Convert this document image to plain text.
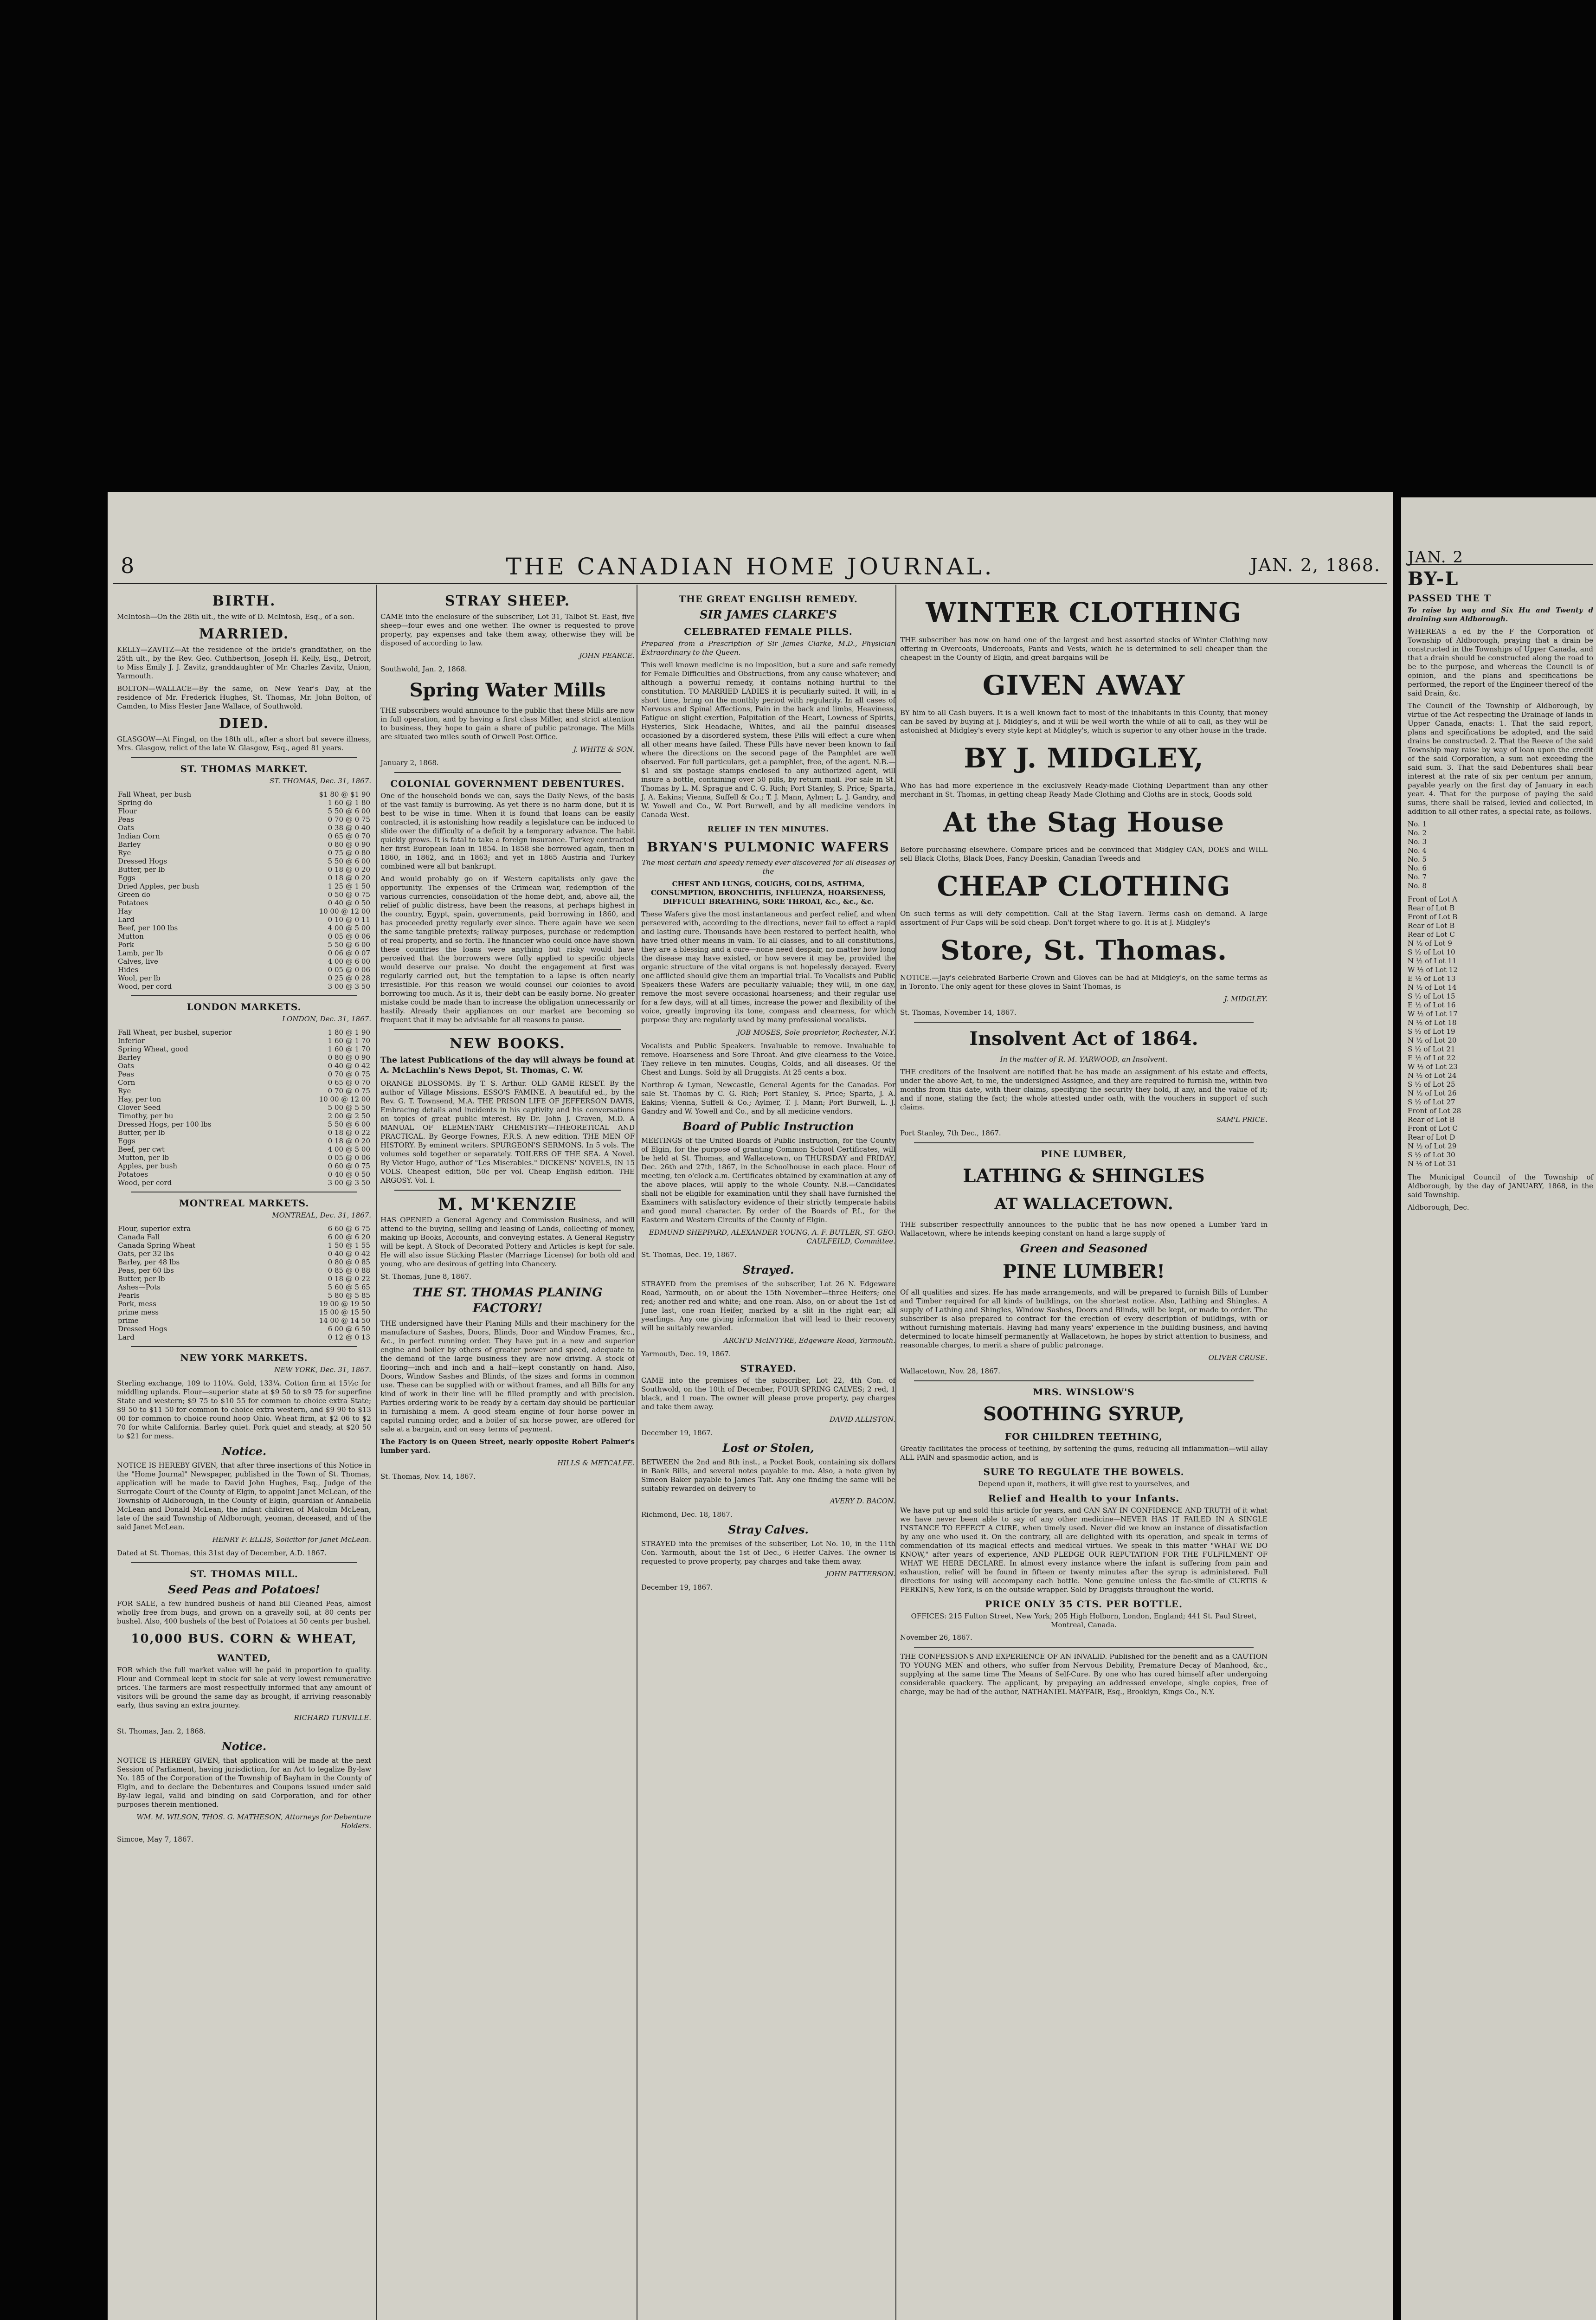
8	THE CANADIAN HOME JOURNAL.	JAN. 2, 1868.
BIRTH.

McIntosh—On the 28th ult., the wife of D. McIntosh, Esq., of a son.

MARRIED.

KELLY—ZAVITZ—At the residence of the bride's grandfather, on the 25th ult., by the Rev. Geo. Cuthbertson, Joseph H. Kelly, Esq., Detroit, to Miss Emily J. J. Zavitz, granddaughter of Mr. Charles Zavitz, Union, Yarmouth.

BOLTON—WALLACE—By the same, on New Year's Day, at the residence of Mr. Frederick Hughes, St. Thomas, Mr. John Bolton, of Camden, to Miss Hester Jane Wallace, of Southwold.

DIED.

GLASGOW—At Fingal, on the 18th ult., after a short but severe illness, Mrs. Glasgow, relict of the late W. Glasgow, Esq., aged 81 years.

ST. THOMAS MARKET.
ST. THOMAS, Dec. 31, 1867.
Fall Wheat, per bush	$1 80 @ $1 90
Spring do	1 60 @ 1 80
Flour	5 50 @ 6 00
Peas	0 70 @ 0 75
Oats	0 38 @ 0 40
Indian Corn	0 65 @ 0 70
Barley	0 80 @ 0 90
Rye	0 75 @ 0 80
Dressed Hogs	5 50 @ 6 00
Butter, per lb	0 18 @ 0 20
Eggs	0 18 @ 0 20
Dried Apples, per bush	1 25 @ 1 50
Green do	0 50 @ 0 75
Potatoes	0 40 @ 0 50
Hay	10 00 @ 12 00
Lard	0 10 @ 0 11
Beef, per 100 lbs	4 00 @ 5 00
Mutton	0 05 @ 0 06
Pork	5 50 @ 6 00
Lamb, per lb	0 06 @ 0 07
Calves, live	4 00 @ 6 00
Hides	0 05 @ 0 06
Wool, per lb	0 25 @ 0 28
Wood, per cord	3 00 @ 3 50
LONDON MARKETS.
LONDON, Dec. 31, 1867.
Fall Wheat, per bushel, superior	1 80 @ 1 90
Inferior	1 60 @ 1 70
Spring Wheat, good	1 60 @ 1 70
Barley	0 80 @ 0 90
Oats	0 40 @ 0 42
Peas	0 70 @ 0 75
Corn	0 65 @ 0 70
Rye	0 70 @ 0 75
Hay, per ton	10 00 @ 12 00
Clover Seed	5 00 @ 5 50
Timothy, per bu	2 00 @ 2 50
Dressed Hogs, per 100 lbs	5 50 @ 6 00
Butter, per lb	0 18 @ 0 22
Eggs	0 18 @ 0 20
Beef, per cwt	4 00 @ 5 00
Mutton, per lb	0 05 @ 0 06
Apples, per bush	0 60 @ 0 75
Potatoes	0 40 @ 0 50
Wood, per cord	3 00 @ 3 50
MONTREAL MARKETS.
MONTREAL, Dec. 31, 1867.
Flour, superior extra	6 60 @ 6 75
Canada Fall	6 00 @ 6 20
Canada Spring Wheat	1 50 @ 1 55
Oats, per 32 lbs	0 40 @ 0 42
Barley, per 48 lbs	0 80 @ 0 85
Peas, per 60 lbs	0 85 @ 0 88
Butter, per lb	0 18 @ 0 22
Ashes—Pots	5 60 @ 5 65
Pearls	5 80 @ 5 85
Pork, mess	19 00 @ 19 50
prime mess	15 00 @ 15 50
prime	14 00 @ 14 50
Dressed Hogs	6 00 @ 6 50
Lard	0 12 @ 0 13
NEW YORK MARKETS.
NEW YORK, Dec. 31, 1867.

Sterling exchange, 109 to 110¼. Gold, 133¼. Cotton firm at 15½c for middling uplands. Flour—superior state at $9 50 to $9 75 for superfine State and western; $9 75 to $10 55 for common to choice extra State; $9 50 to $11 50 for common to choice extra western, and $9 90 to $13 00 for common to choice round hoop Ohio. Wheat firm, at $2 06 to $2 70 for white California. Barley quiet. Pork quiet and steady, at $20 50 to $21 for mess.

Notice.

NOTICE IS HEREBY GIVEN, that after three insertions of this Notice in the "Home Journal" Newspaper, published in the Town of St. Thomas, application will be made to David John Hughes, Esq., Judge of the Surrogate Court of the County of Elgin, to appoint Janet McLean, of the Township of Aldborough, in the County of Elgin, guardian of Annabella McLean and Donald McLean, the infant children of Malcolm McLean, late of the said Township of Aldborough, yeoman, deceased, and of the said Janet McLean.

HENRY F. ELLIS, Solicitor for Janet McLean.

Dated at St. Thomas, this 31st day of December, A.D. 1867.

ST. THOMAS MILL.
Seed Peas and Potatoes!

FOR SALE, a few hundred bushels of hand bill Cleaned Peas, almost wholly free from bugs, and grown on a gravelly soil, at 80 cents per bushel. Also, 400 bushels of the best of Potatoes at 50 cents per bushel.

10,000 BUS. CORN & WHEAT,
WANTED,

FOR which the full market value will be paid in proportion to quality. Flour and Cornmeal kept in stock for sale at very lowest remunerative prices. The farmers are most respectfully informed that any amount of visitors will be ground the same day as brought, if arriving reasonably early, thus saving an extra journey.

RICHARD TURVILLE.

St. Thomas, Jan. 2, 1868.

Notice.

NOTICE IS HEREBY GIVEN, that application will be made at the next Session of Parliament, having jurisdiction, for an Act to legalize By-law No. 185 of the Corporation of the Township of Bayham in the County of Elgin, and to declare the Debentures and Coupons issued under said By-law legal, valid and binding on said Corporation, and for other purposes therein mentioned.

WM. M. WILSON, THOS. G. MATHESON, Attorneys for Debenture Holders.

Simcoe, May 7, 1867.

STRAY SHEEP.

CAME into the enclosure of the subscriber, Lot 31, Talbot St. East, five sheep—four ewes and one wether. The owner is requested to prove property, pay expenses and take them away, otherwise they will be disposed of according to law.

JOHN PEARCE.

Southwold, Jan. 2, 1868.

Spring Water Mills

THE subscribers would announce to the public that these Mills are now in full operation, and by having a first class Miller, and strict attention to business, they hope to gain a share of public patronage. The Mills are situated two miles south of Orwell Post Office.

J. WHITE & SON.

January 2, 1868.

COLONIAL GOVERNMENT DEBENTURES.

One of the household bonds we can, says the Daily News, of the basis of the vast family is burrowing. As yet there is no harm done, but it is best to be wise in time. When it is found that loans can be easily contracted, it is astonishing how readily a legislature can be induced to slide over the difficulty of a deficit by a temporary advance. The habit quickly grows. It is fatal to take a foreign insurance. Turkey contracted her first European loan in 1854. In 1858 she borrowed again, then in 1860, in 1862, and in 1863; and yet in 1865 Austria and Turkey combined were all but bankrupt.

And would probably go on if Western capitalists only gave the opportunity. The expenses of the Crimean war, redemption of the various currencies, consolidation of the home debt, and, above all, the relief of public distress, have been the reasons, at perhaps highest in the country, Egypt, spain, governments, paid borrowing in 1860, and has proceeded pretty regularly ever since. There again have we seen the same tangible pretexts; railway purposes, purchase or redemption of real property, and so forth. The financier who could once have shown these countries the loans were anything but risky would have perceived that the borrowers were fully applied to specific objects would deserve our praise. No doubt the engagement at first was regularly carried out, but the temptation to a lapse is often nearly irresistible. For this reason we would counsel our colonies to avoid borrowing too much. As it is, their debt can be easily borne. No greater mistake could be made than to increase the obligation unnecessarily or hastily. Already their appliances on our market are becoming so frequent that it may be advisable for all reasons to pause.

NEW BOOKS.

The latest Publications of the day will always be found at A. McLachlin's News Depot, St. Thomas, C. W.

ORANGE BLOSSOMS. By T. S. Arthur. OLD GAME RESET. By the author of Village Missions. ESSO'S FAMINE. A beautiful ed., by the Rev. G. T. Townsend, M.A. THE PRISON LIFE OF JEFFERSON DAVIS, Embracing details and incidents in his captivity and his conversations on topics of great public interest. By Dr. John J. Craven, M.D. A MANUAL OF ELEMENTARY CHEMISTRY—THEORETICAL AND PRACTICAL. By George Fownes, F.R.S. A new edition. THE MEN OF HISTORY. By eminent writers. SPURGEON'S SERMONS. In 5 vols. The volumes sold together or separately. TOILERS OF THE SEA. A Novel. By Victor Hugo, author of "Les Miserables." DICKENS' NOVELS, IN 15 VOLS. Cheapest edition, 50c per vol. Cheap English edition. THE ARGOSY. Vol. I.

M. M'KENZIE

HAS OPENED a General Agency and Commission Business, and will attend to the buying, selling and leasing of Lands, collecting of money, making up Books, Accounts, and conveying estates. A General Registry will be kept. A Stock of Decorated Pottery and Articles is kept for sale. He will also issue Sticking Plaster (Marriage License) for both old and young, who are desirous of getting into Chancery.

St. Thomas, June 8, 1867.

THE ST. THOMAS PLANING FACTORY!

THE undersigned have their Planing Mills and their machinery for the manufacture of Sashes, Doors, Blinds, Door and Window Frames, &c., &c., in perfect running order. They have put in a new and superior engine and boiler by others of greater power and speed, adequate to the demand of the large business they are now driving. A stock of flooring—inch and inch and a half—kept constantly on hand. Also, Doors, Window Sashes and Blinds, of the sizes and forms in common use. These can be supplied with or without frames, and all Bills for any kind of work in their line will be filled promptly and with precision. Parties ordering work to be ready by a certain day should be particular in furnishing a mem. A good steam engine of four horse power in capital running order, and a boiler of six horse power, are offered for sale at a bargain, and on easy terms of payment.

The Factory is on Queen Street, nearly opposite Robert Palmer's lumber yard.

HILLS & METCALFE.

St. Thomas, Nov. 14, 1867.

THE GREAT ENGLISH REMEDY.
SIR JAMES CLARKE'S
CELEBRATED FEMALE PILLS.

Prepared from a Prescription of Sir James Clarke, M.D., Physician Extraordinary to the Queen.

This well known medicine is no imposition, but a sure and safe remedy for Female Difficulties and Obstructions, from any cause whatever; and although a powerful remedy, it contains nothing hurtful to the constitution. TO MARRIED LADIES it is peculiarly suited. It will, in a short time, bring on the monthly period with regularity. In all cases of Nervous and Spinal Affections, Pain in the back and limbs, Heaviness, Fatigue on slight exertion, Palpitation of the Heart, Lowness of Spirits, Hysterics, Sick Headache, Whites, and all the painful diseases occasioned by a disordered system, these Pills will effect a cure when all other means have failed. These Pills have never been known to fail where the directions on the second page of the Pamphlet are well observed. For full particulars, get a pamphlet, free, of the agent. N.B.—$1 and six postage stamps enclosed to any authorized agent, will insure a bottle, containing over 50 pills, by return mail. For sale in St. Thomas by L. M. Sprague and C. G. Rich; Port Stanley, S. Price; Sparta, J. A. Eakins; Vienna, Suffell & Co.; T. J. Mann, Aylmer; L. J. Gandry, and W. Yowell and Co., W. Port Burwell, and by all medicine vendors in Canada West.

RELIEF IN TEN MINUTES.
BRYAN'S PULMONIC WAFERS

The most certain and speedy remedy ever discovered for all diseases of the

CHEST AND LUNGS, COUGHS, COLDS, ASTHMA, CONSUMPTION, BRONCHITIS, INFLUENZA, HOARSENESS, DIFFICULT BREATHING, SORE THROAT, &c., &c., &c.

These Wafers give the most instantaneous and perfect relief, and when persevered with, according to the directions, never fail to effect a rapid and lasting cure. Thousands have been restored to perfect health, who have tried other means in vain. To all classes, and to all constitutions, they are a blessing and a cure—none need despair, no matter how long the disease may have existed, or how severe it may be, provided the organic structure of the vital organs is not hopelessly decayed. Every one afflicted should give them an impartial trial. To Vocalists and Public Speakers these Wafers are peculiarly valuable; they will, in one day, remove the most severe occasional hoarseness; and their regular use for a few days, will at all times, increase the power and flexibility of the voice, greatly improving its tone, compass and clearness, for which purpose they are regularly used by many professional vocalists.

JOB MOSES, Sole proprietor, Rochester, N.Y.

Vocalists and Public Speakers. Invaluable to remove. Invaluable to remove. Hoarseness and Sore Throat. And give clearness to the Voice. They relieve in ten minutes. Coughs, Colds, and all diseases. Of the Chest and Lungs. Sold by all Druggists. At 25 cents a box.

Northrop & Lyman, Newcastle, General Agents for the Canadas. For sale St. Thomas by C. G. Rich; Port Stanley, S. Price; Sparta, J. A. Eakins; Vienna, Suffell & Co.; Aylmer, T. J. Mann; Port Burwell, L. J. Gandry and W. Yowell and Co., and by all medicine vendors.

Board of Public Instruction

MEETINGS of the United Boards of Public Instruction, for the County of Elgin, for the purpose of granting Common School Certificates, will be held at St. Thomas, and Wallacetown, on THURSDAY and FRIDAY, Dec. 26th and 27th, 1867, in the Schoolhouse in each place. Hour of meeting, ten o'clock a.m. Certificates obtained by examination at any of the above places, will apply to the whole County. N.B.—Candidates shall not be eligible for examination until they shall have furnished the Examiners with satisfactory evidence of their strictly temperate habits and good moral character. By order of the Boards of P.I., for the Eastern and Western Circuits of the County of Elgin.

EDMUND SHEPPARD, ALEXANDER YOUNG, A. F. BUTLER, ST. GEO. CAULFEILD, Committee.

St. Thomas, Dec. 19, 1867.

Strayed.

STRAYED from the premises of the subscriber, Lot 26 N. Edgeware Road, Yarmouth, on or about the 15th November—three Heifers; one red; another red and white; and one roan. Also, on or about the 1st of June last, one roan Heifer, marked by a slit in the right ear; all yearlings. Any one giving information that will lead to their recovery will be suitably rewarded.

ARCH'D McINTYRE, Edgeware Road, Yarmouth.

Yarmouth, Dec. 19, 1867.

STRAYED.

CAME into the premises of the subscriber, Lot 22, 4th Con. of Southwold, on the 10th of December, FOUR SPRING CALVES; 2 red, 1 black, and 1 roan. The owner will please prove property, pay charges and take them away.

DAVID ALLISTON.

December 19, 1867.

Lost or Stolen,

BETWEEN the 2nd and 8th inst., a Pocket Book, containing six dollars in Bank Bills, and several notes payable to me. Also, a note given by Simeon Baker payable to James Tait. Any one finding the same will be suitably rewarded on delivery to

AVERY D. BACON.

Richmond, Dec. 18, 1867.

Stray Calves.

STRAYED into the premises of the subscriber, Lot No. 10, in the 11th Con. Yarmouth, about the 1st of Dec., 6 Heifer Calves. The owner is requested to prove property, pay charges and take them away.

JOHN PATTERSON.

December 19, 1867.

WINTER CLOTHING

THE subscriber has now on hand one of the largest and best assorted stocks of Winter Clothing now offering in Overcoats, Undercoats, Pants and Vests, which he is determined to sell cheaper than the cheapest in the County of Elgin, and great bargains will be

GIVEN AWAY

BY him to all Cash buyers. It is a well known fact to most of the inhabitants in this County, that money can be saved by buying at J. Midgley's, and it will be well worth the while of all to call, as they will be astonished at Midgley's every style kept at Midgley's, which is superior to any other house in the trade.

BY J. MIDGLEY,

Who has had more experience in the exclusively Ready-made Clothing Department than any other merchant in St. Thomas, in getting cheap Ready Made Clothing and Cloths are in stock, Goods sold

At the Stag House

Before purchasing elsewhere. Compare prices and be convinced that Midgley CAN, DOES and WILL sell Black Cloths, Black Does, Fancy Doeskin, Canadian Tweeds and

CHEAP CLOTHING

On such terms as will defy competition. Call at the Stag Tavern. Terms cash on demand. A large assortment of Fur Caps will be sold cheap. Don't forget where to go. It is at J. Midgley's

Store, St. Thomas.

NOTICE.—Jay's celebrated Barberie Crown and Gloves can be had at Midgley's, on the same terms as in Toronto. The only agent for these gloves in Saint Thomas, is

J. MIDGLEY.

St. Thomas, November 14, 1867.

Insolvent Act of 1864.

In the matter of R. M. YARWOOD, an Insolvent.

THE creditors of the Insolvent are notified that he has made an assignment of his estate and effects, under the above Act, to me, the undersigned Assignee, and they are required to furnish me, within two months from this date, with their claims, specifying the security they hold, if any, and the value of it; and if none, stating the fact; the whole attested under oath, with the vouchers in support of such claims.

SAM'L PRICE.

Port Stanley, 7th Dec., 1867.

PINE LUMBER,
LATHING & SHINGLES
AT WALLACETOWN.

THE subscriber respectfully announces to the public that he has now opened a Lumber Yard in Wallacetown, where he intends keeping constant on hand a large supply of

Green and Seasoned
PINE LUMBER!

Of all qualities and sizes. He has made arrangements, and will be prepared to furnish Bills of Lumber and Timber required for all kinds of buildings, on the shortest notice. Also, Lathing and Shingles. A supply of Lathing and Shingles, Window Sashes, Doors and Blinds, will be kept, or made to order. The subscriber is also prepared to contract for the erection of every description of buildings, with or without furnishing materials. Having had many years' experience in the building business, and having determined to locate himself permanently at Wallacetown, he hopes by strict attention to business, and reasonable charges, to merit a share of public patronage.

OLIVER CRUSE.

Wallacetown, Nov. 28, 1867.

MRS. WINSLOW'S
SOOTHING SYRUP,
FOR CHILDREN TEETHING,

Greatly facilitates the process of teething, by softening the gums, reducing all inflammation—will allay ALL PAIN and spasmodic action, and is

SURE TO REGULATE THE BOWELS.

Depend upon it, mothers, it will give rest to yourselves, and

Relief and Health to your Infants.

We have put up and sold this article for years, and CAN SAY IN CONFIDENCE AND TRUTH of it what we have never been able to say of any other medicine—NEVER HAS IT FAILED IN A SINGLE INSTANCE TO EFFECT A CURE, when timely used. Never did we know an instance of dissatisfaction by any one who used it. On the contrary, all are delighted with its operation, and speak in terms of commendation of its magical effects and medical virtues. We speak in this matter "WHAT WE DO KNOW," after years of experience, AND PLEDGE OUR REPUTATION FOR THE FULFILMENT OF WHAT WE HERE DECLARE. In almost every instance where the infant is suffering from pain and exhaustion, relief will be found in fifteen or twenty minutes after the syrup is administered. Full directions for using will accompany each bottle. None genuine unless the fac-simile of CURTIS & PERKINS, New York, is on the outside wrapper. Sold by Druggists throughout the world.

PRICE ONLY 35 CTS. PER BOTTLE.

OFFICES: 215 Fulton Street, New York; 205 High Holborn, London, England; 441 St. Paul Street, Montreal, Canada.

November 26, 1867.

THE CONFESSIONS AND EXPERIENCE OF AN INVALID. Published for the benefit and as a CAUTION TO YOUNG MEN and others, who suffer from Nervous Debility, Premature Decay of Manhood, &c., supplying at the same time The Means of Self-Cure. By one who has cured himself after undergoing considerable quackery. The applicant, by prepaying an addressed envelope, single copies, free of charge, may be had of the author, NATHANIEL MAYFAIR, Esq., Brooklyn, Kings Co., N.Y.

JAN. 2
BY-L
PASSED THE T

To raise by way and Six Hu and Twenty d draining sun Aldborough.

WHEREAS a ed by the F the Corporation of Township of Aldborough, praying that a drain be constructed in the Townships of Upper Canada, and that a drain should be constructed along the road to be to the purpose, and whereas the Council is of opinion, and the plans and specifications be performed, the report of the Engineer thereof of the said Drain, &c.

The Council of the Township of Aldborough, by virtue of the Act respecting the Drainage of lands in Upper Canada, enacts: 1. That the said report, plans and specifications be adopted, and the said drains be constructed. 2. That the Reeve of the said Township may raise by way of loan upon the credit of the said Corporation, a sum not exceeding the said sum. 3. That the said Debentures shall bear interest at the rate of six per centum per annum, payable yearly on the first day of January in each year. 4. That for the purpose of paying the said sums, there shall be raised, levied and collected, in addition to all other rates, a special rate, as follows.

No. 1
No. 2
No. 3
No. 4
No. 5
No. 6
No. 7
No. 8
Front of Lot A
Rear of Lot B
Front of Lot B
Rear of Lot B
Rear of Lot C
N ½ of Lot 9
S ½ of Lot 10
N ½ of Lot 11
W ½ of Lot 12
E ½ of Lot 13
N ½ of Lot 14
S ½ of Lot 15
E ½ of Lot 16
W ½ of Lot 17
N ½ of Lot 18
S ½ of Lot 19
N ½ of Lot 20
S ½ of Lot 21
E ½ of Lot 22
W ½ of Lot 23
N ½ of Lot 24
S ½ of Lot 25
N ½ of Lot 26
S ½ of Lot 27
Front of Lot 28
Rear of Lot B
Front of Lot C
Rear of Lot D
N ½ of Lot 29
S ½ of Lot 30
N ½ of Lot 31

The Municipal Council of the Township of Aldborough, by the day of JANUARY, 1868, in the said Township.

Aldborough, Dec.
